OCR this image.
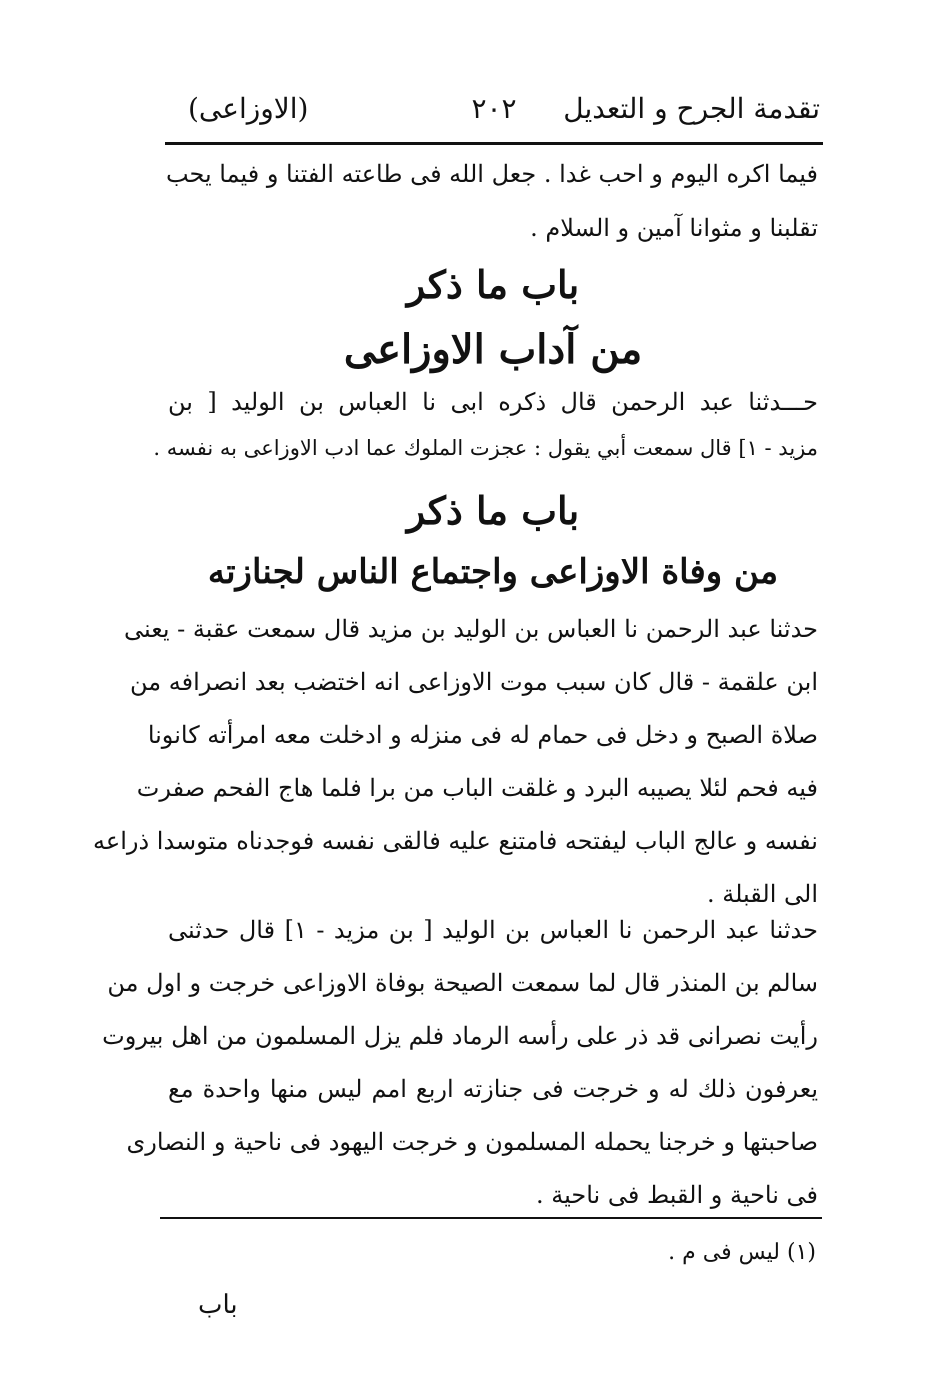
تقدمة الجرح و التعديل
٢٠٢
(الاوزاعى)
فيما اكره اليوم و احب غدا . جعل الله فى طاعته الفتنا و فيما يحب
تقلبنا و مثوانا آمين و السلام .
باب ما ذكر
من آداب الاوزاعى
حـــدثنا عبد الرحمن قال ذكره ابى نا العباس بن الوليد [ بن
مزيد - ١] قال سمعت أبي يقول : عجزت الملوك عما ادب الاوزاعى به نفسه .
باب ما ذكر
من وفاة الاوزاعى واجتماع الناس لجنازته
حدثنا عبد الرحمن نا العباس بن الوليد بن مزيد قال سمعت عقبة - يعنى
ابن علقمة - قال كان سبب موت الاوزاعى انه اختضب بعد انصرافه من
صلاة الصبح و دخل فى حمام له فى منزله و ادخلت معه امرأته كانونا
فيه فحم لئلا يصيبه البرد و غلقت الباب من برا فلما هاج الفحم صفرت
نفسه و عالج الباب ليفتحه فامتنع عليه فالقى نفسه فوجدناه متوسدا ذراعه
الى القبلة .
حدثنا عبد الرحمن نا العباس بن الوليد [ بن مزيد - ١] قال حدثنى
سالم بن المنذر قال لما سمعت الصيحة بوفاة الاوزاعى خرجت و اول من
رأيت نصرانى قد ذر على رأسه الرماد فلم يزل المسلمون من اهل بيروت
يعرفون ذلك له و خرجت فى جنازته اربع امم ليس منها واحدة مع
صاحبتها و خرجنا يحمله المسلمون و خرجت اليهود فى ناحية و النصارى
فى ناحية و القبط فى ناحية .
(١) ليس فى م .
باب
